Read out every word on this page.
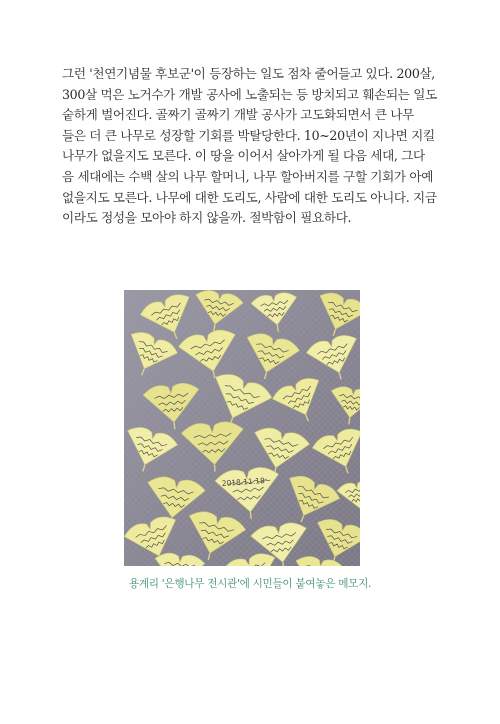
그런 '천연기념물 후보군'이 등장하는 일도 점차 줄어들고 있다. 200살,
300살 먹은 노거수가 개발 공사에 노출되는 등 방치되고 훼손되는 일도
숱하게 벌어진다. 골짜기 골짜기 개발 공사가 고도화되면서 큰 나무
들은 더 큰 나무로 성장할 기회를 박탈당한다. 10~20년이 지나면 지킬
나무가 없을지도 모른다. 이 땅을 이어서 살아가게 될 다음 세대, 그다
음 세대에는 수백 살의 나무 할머니, 나무 할아버지를 구할 기회가 아예
없을지도 모른다. 나무에 대한 도리도, 사람에 대한 도리도 아니다. 지금
이라도 정성을 모아야 하지 않을까. 절박함이 필요하다.

2018.11.18~
용계리 '은행나무 전시관'에 시민들이 붙여놓은 메모지.
